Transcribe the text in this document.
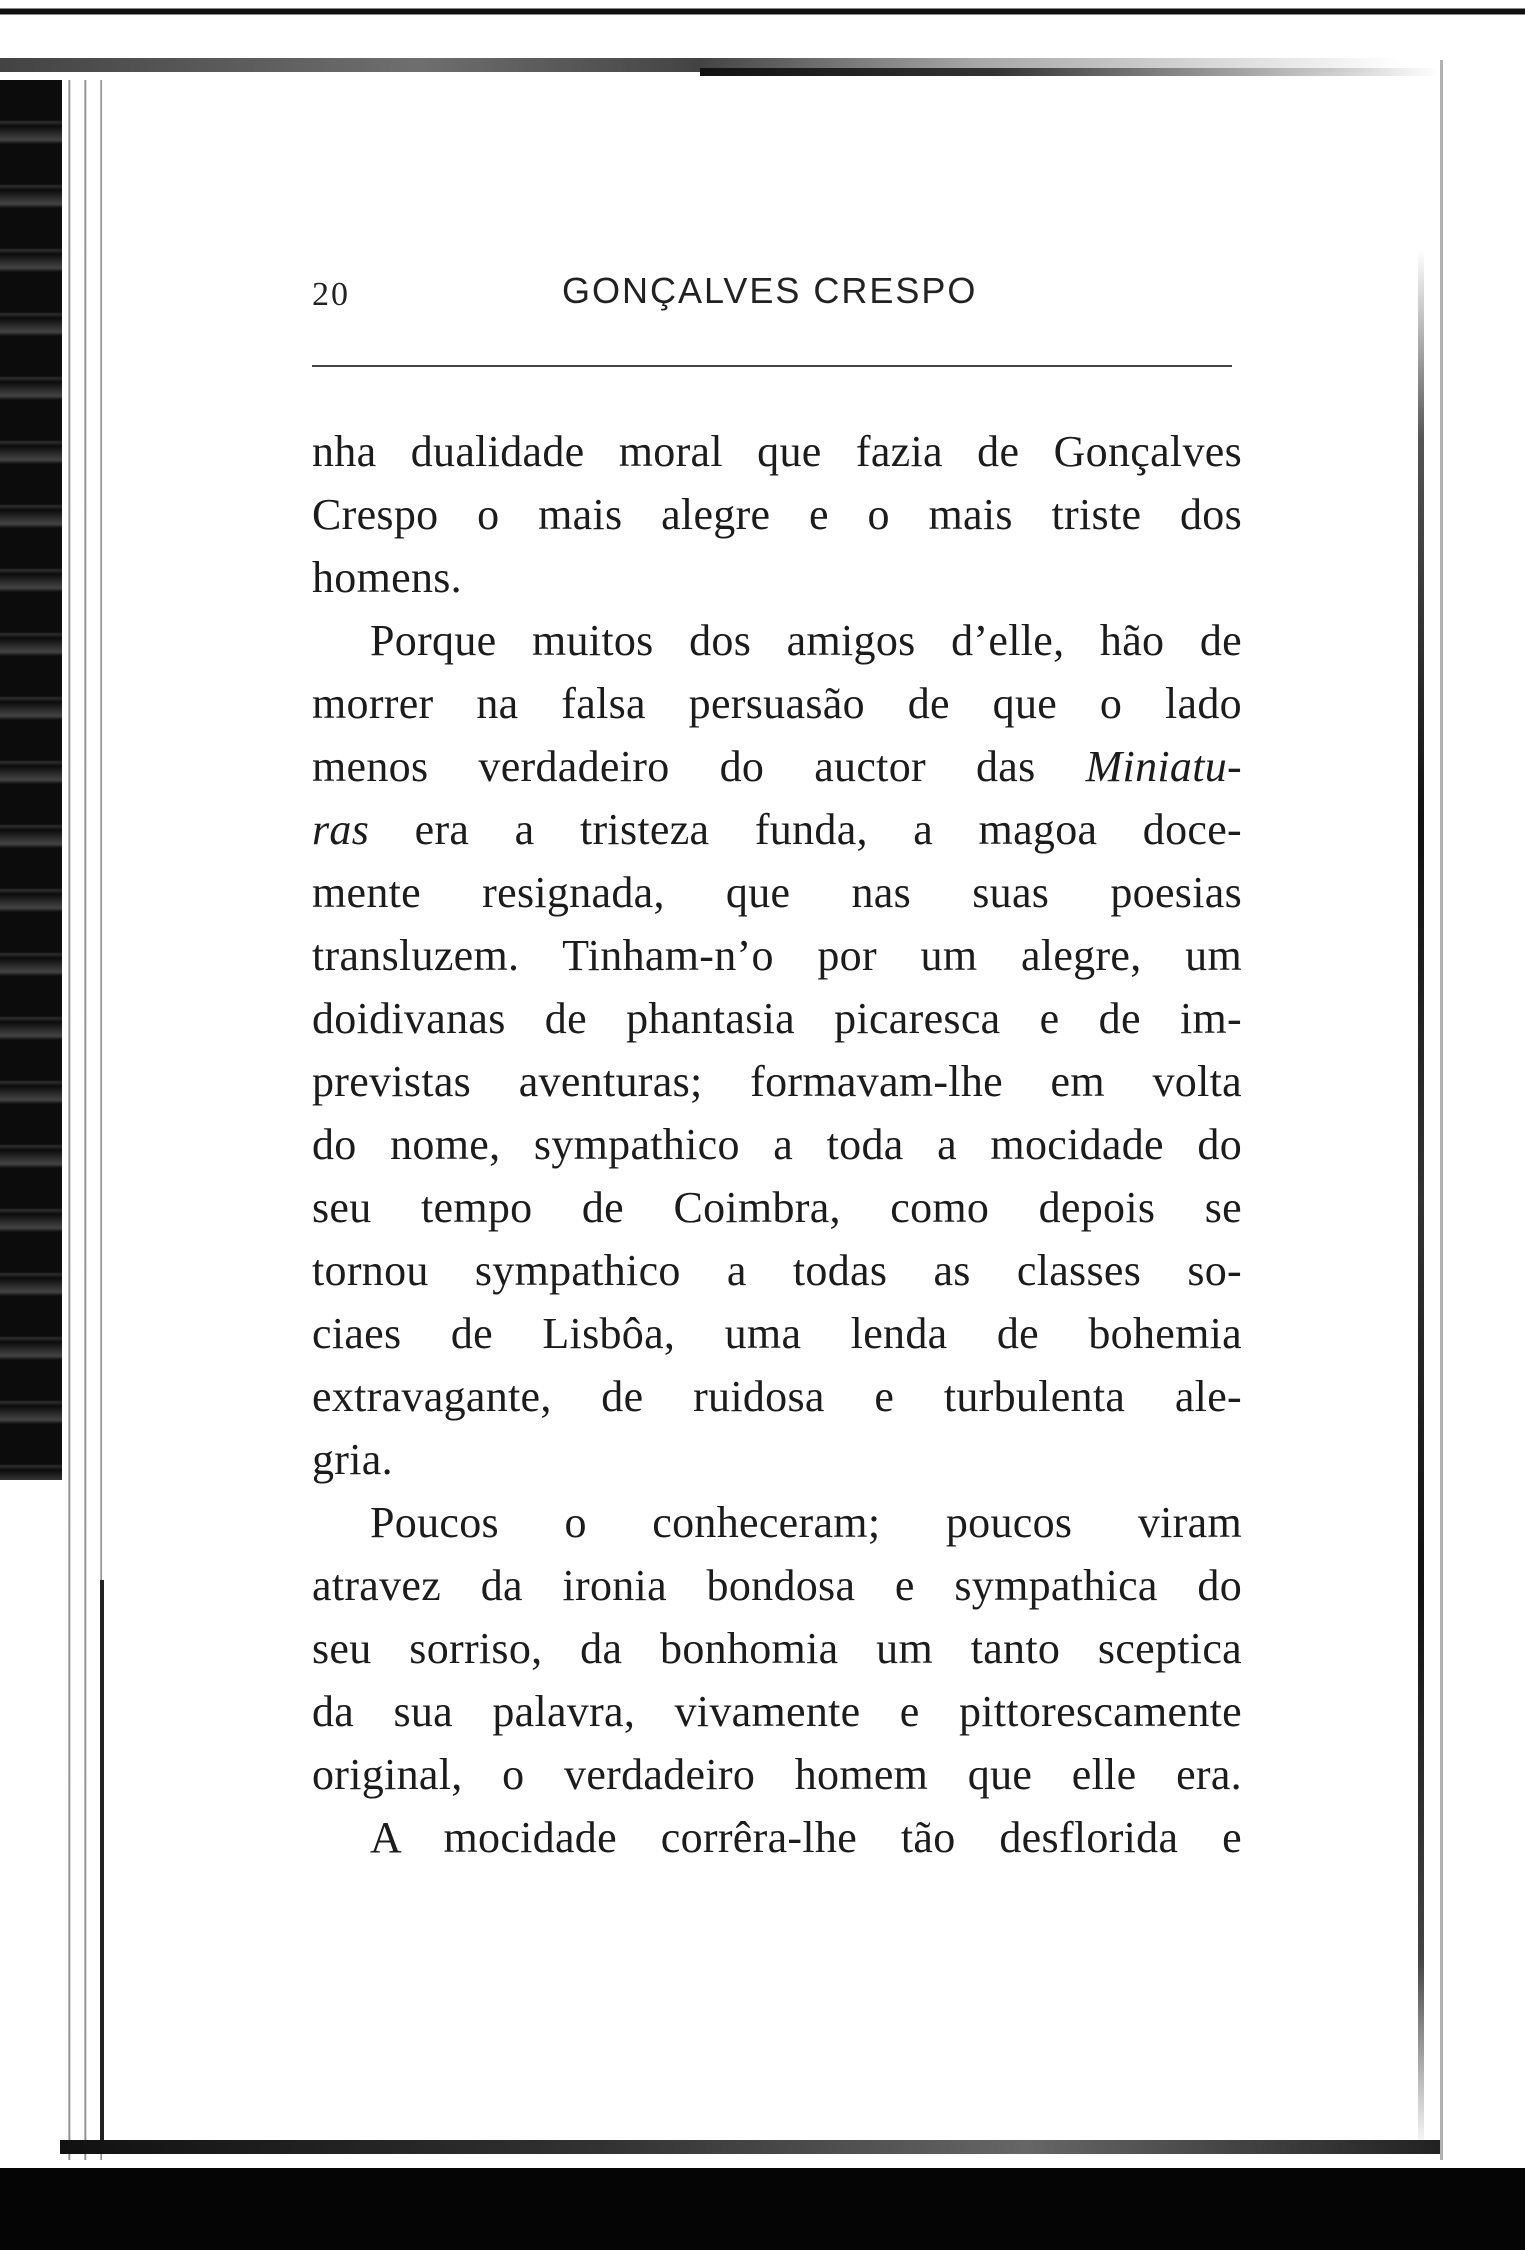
20	GONÇALVES CRESPO
nha dualidade moral que fazia de Gonçalves
Crespo o mais alegre e o mais triste dos
homens.
Porque muitos dos amigos d’elle, hão de
morrer na falsa persuasão de que o lado
menos verdadeiro do auctor das Miniatu-
ras era a tristeza funda, a magoa doce-
mente resignada, que nas suas poesias
transluzem. Tinham-n’o por um alegre, um
doidivanas de phantasia picaresca e de im-
previstas aventuras; formavam-lhe em volta
do nome, sympathico a toda a mocidade do
seu tempo de Coimbra, como depois se
tornou sympathico a todas as classes so-
ciaes de Lisbôa, uma lenda de bohemia
extravagante, de ruidosa e turbulenta ale-
gria.
Poucos o conheceram; poucos viram
atravez da ironia bondosa e sympathica do
seu sorriso, da bonhomia um tanto sceptica
da sua palavra, vivamente e pittorescamente
original, o verdadeiro homem que elle era.
A mocidade corrêra-lhe tão desflorida e
